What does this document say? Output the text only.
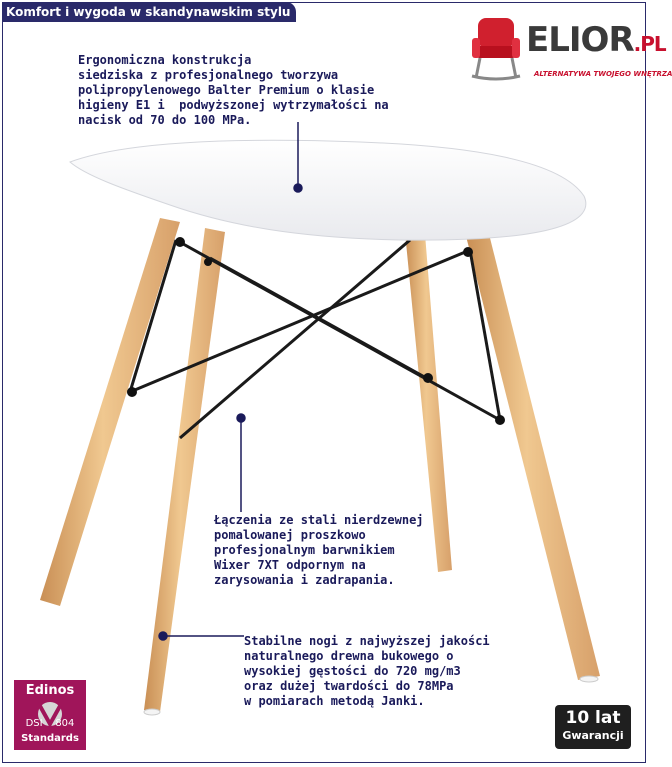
Komfort i wygoda w skandynawskim stylu
ELIOR.PL
ALTERNATYWA TWOJEGO WNĘTRZA
Ergonomiczna konstrukcja
siedziska z profesjonalnego tworzywa
polipropylenowego Balter Premium o klasie
higieny E1 i  podwyższonej wytrzymałości na
nacisk od 70 do 100 MPa.
Łączenia ze stali nierdzewnej
pomalowanej proszkowo
profesjonalnym barwnikiem
Wixer 7XT odpornym na
zarysowania i zadrapania.
Stabilne nogi z najwyższej jakości
naturalnego drewna bukowego o
wysokiej gęstości do 720 mg/m3
oraz dużej twardości do 78MPa
w pomiarach metodą Janki.
Edinos
DSI 804
Standards
10 lat
Gwarancji
